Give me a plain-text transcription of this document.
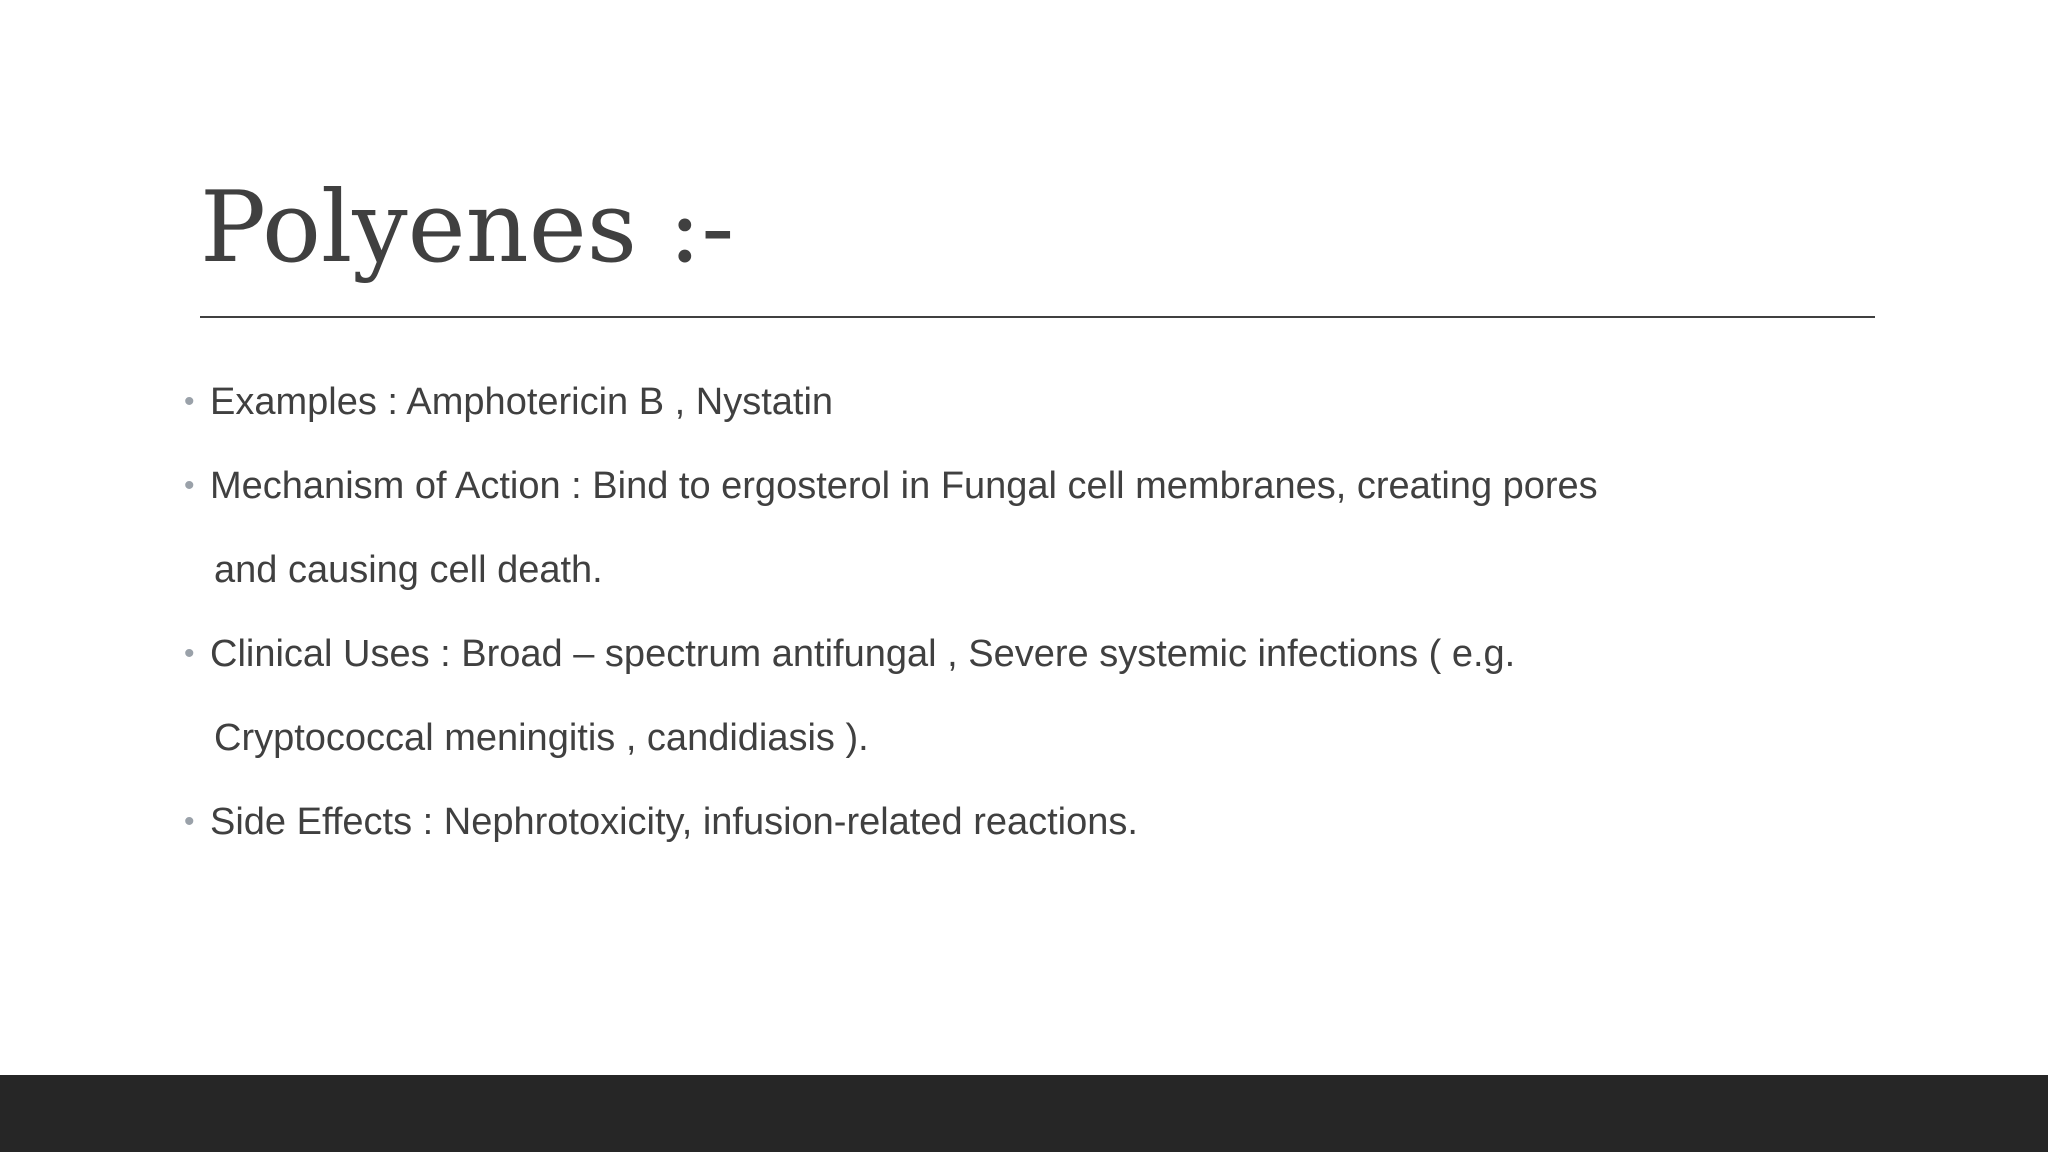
Polyenes :-
• Examples : Amphotericin B , Nystatin
• Mechanism of Action : Bind to ergosterol in Fungal cell membranes, creating pores
and causing cell death.
• Clinical Uses : Broad – spectrum antifungal , Severe systemic infections ( e.g.
Cryptococcal meningitis , candidiasis ).
• Side Effects : Nephrotoxicity, infusion-related reactions.
